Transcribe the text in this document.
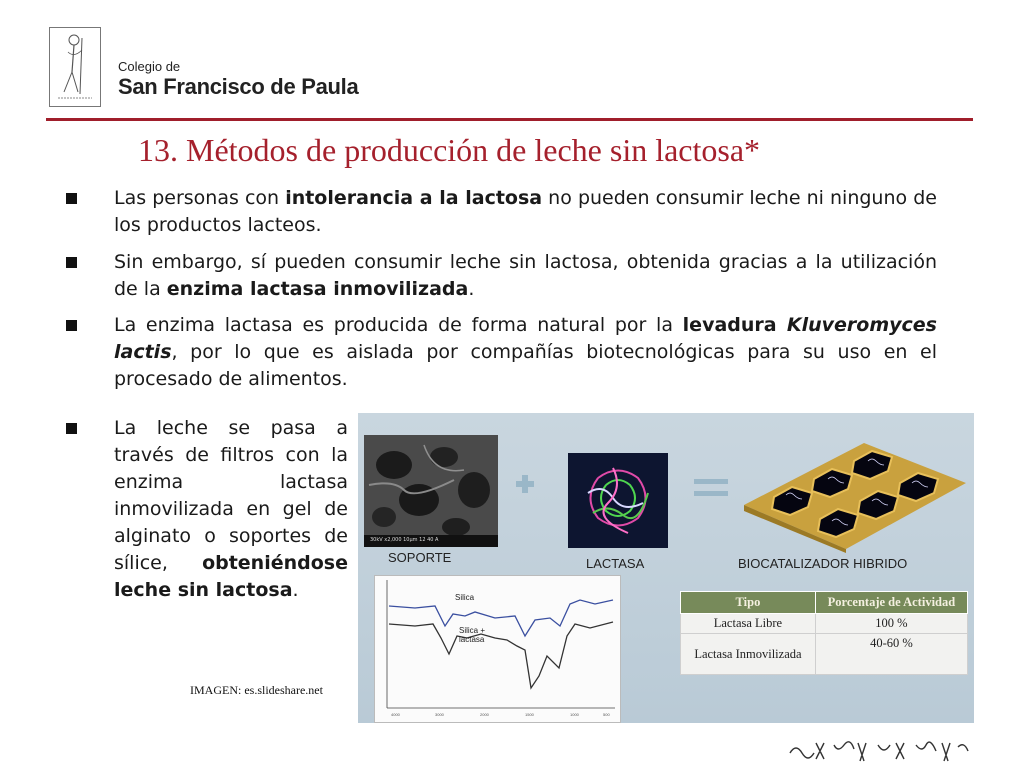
Colegio de
San Francisco de Paula
13. Métodos de producción de leche sin lactosa*
Las personas con intolerancia a la lactosa no pueden consumir leche ni ninguno de los productos lacteos.
Sin embargo, sí pueden consumir leche sin lactosa, obtenida gracias a la utilización de la enzima lactasa inmovilizada.
La enzima lactasa es producida de forma natural por la levadura Kluveromyces lactis, por lo que es aislada por compañías biotecnológicas para su uso en el procesado de alimentos.
La leche se pasa a través de filtros con la enzima lactasa inmovilizada en gel de alginato o soportes de sílice, obteniéndose leche sin lactosa.
30kV x2,000 10µm 12 40 A
SOPORTE	LACTASA	BIOCATALIZADOR HIBRIDO
4000	3000	2000	1500	1000	500
Silica
Silica +
lactasa
Tipo	Porcentaje de Actividad
Lactasa Libre	100 %
Lactasa Inmovilizada	40-60 %
IMAGEN: es.slideshare.net
